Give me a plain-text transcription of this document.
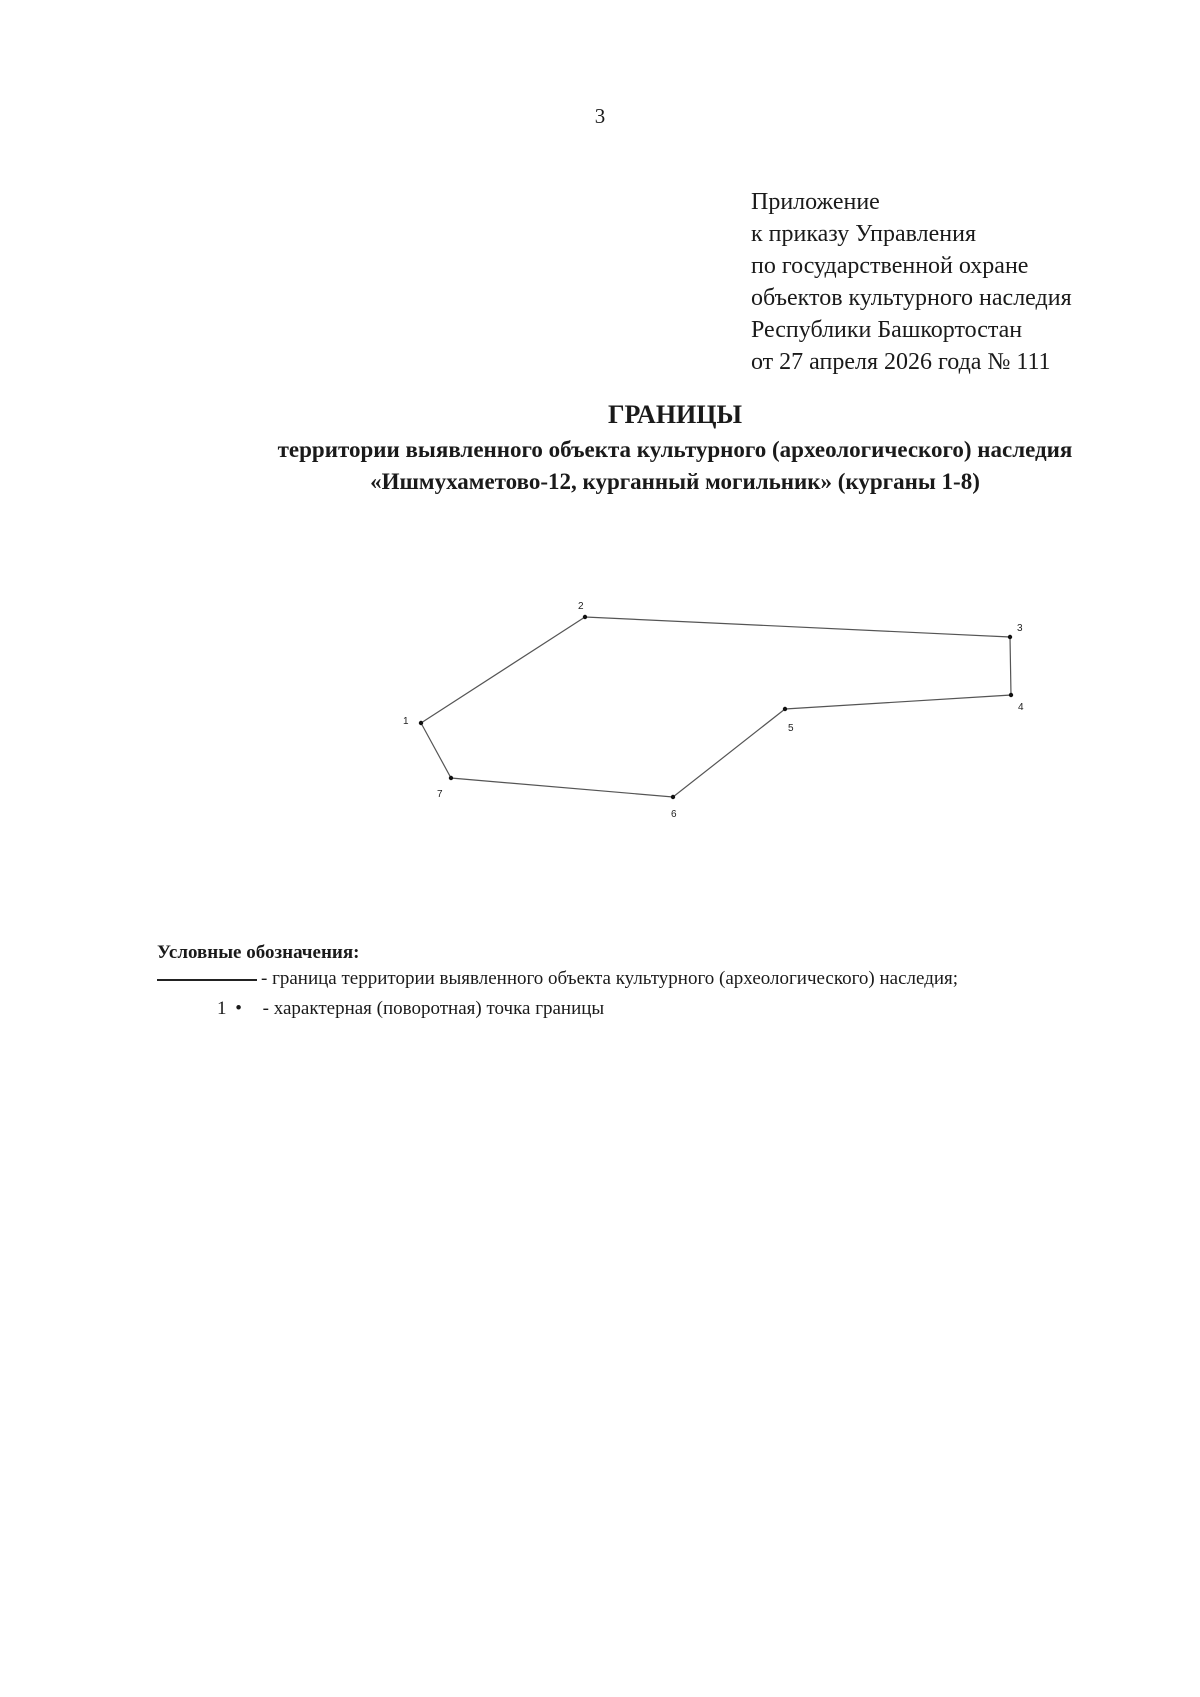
3
Приложение
к приказу Управления
по государственной охране
объектов культурного наследия
Республики Башкортостан
от 27 апреля 2026 года № 111
ГРАНИЦЫ
территории выявленного объекта культурного (археологического) наследия
«Ишмухаметово-12, курганный могильник» (курганы 1-8)
1
2
3
4
5
6
7
Условные обозначения:
- граница территории выявленного объекта культурного (археологического) наследия;
1 • - характерная (поворотная) точка границы
